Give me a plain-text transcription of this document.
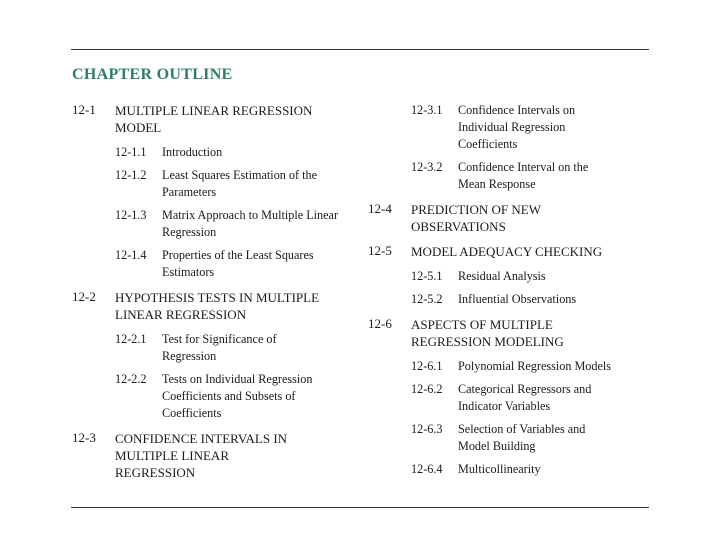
CHAPTER OUTLINE
12-1	MULTIPLE LINEAR REGRESSION MODEL
12-1.1	Introduction
12-1.2	Least Squares Estimation of the Parameters
12-1.3	Matrix Approach to Multiple Linear Regression
12-1.4	Properties of the Least Squares Estimators
12-2	HYPOTHESIS TESTS IN MULTIPLE LINEAR REGRESSION
12-2.1	Test for Significance of Regression
12-2.2	Tests on Individual Regression Coefficients and Subsets of Coefficients
12-3	CONFIDENCE INTERVALS IN MULTIPLE LINEAR REGRESSION
12-3.1	Confidence Intervals on Individual Regression Coefficients
12-3.2	Confidence Interval on the Mean Response
12-4	PREDICTION OF NEW OBSERVATIONS
12-5	MODEL ADEQUACY CHECKING
12-5.1	Residual Analysis
12-5.2	Influential Observations
12-6	ASPECTS OF MULTIPLE REGRESSION MODELING
12-6.1	Polynomial Regression Models
12-6.2	Categorical Regressors and Indicator Variables
12-6.3	Selection of Variables and Model Building
12-6.4	Multicollinearity
